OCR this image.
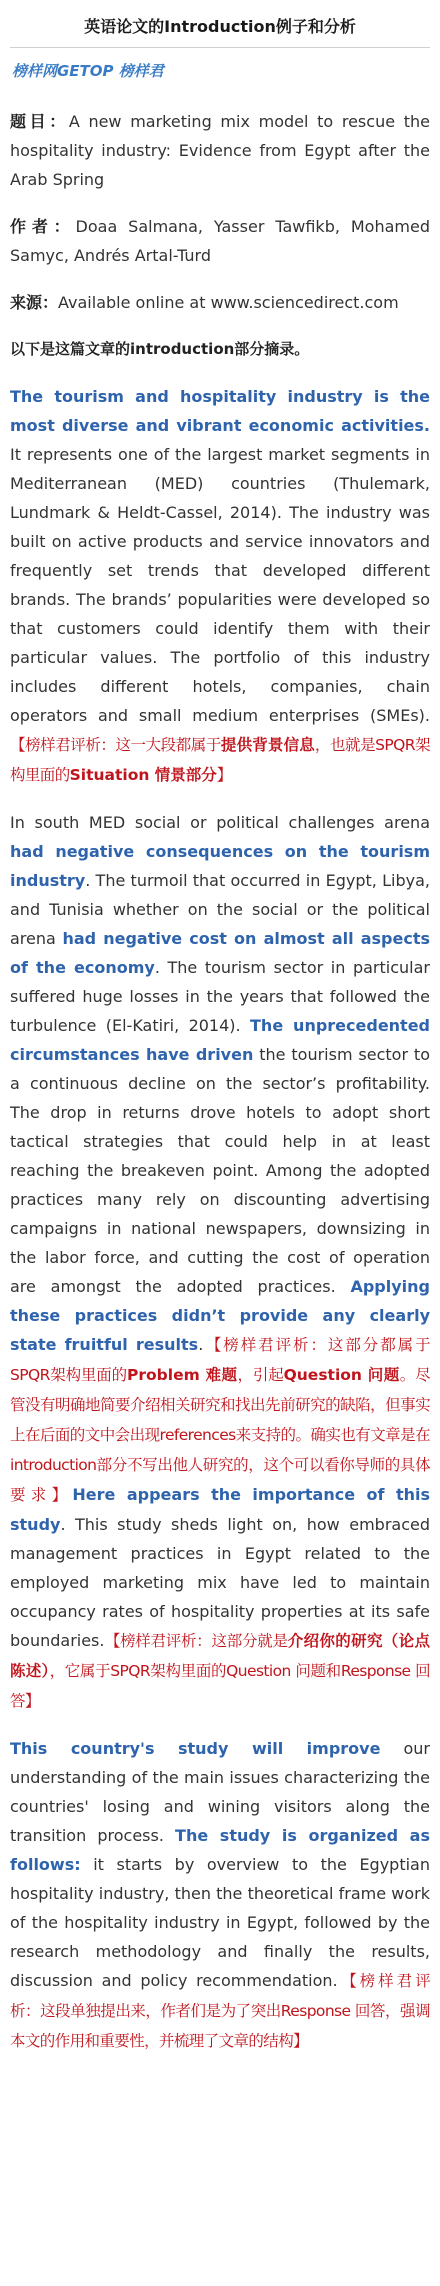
英语论文的Introduction例子和分析
榜样网GETOP 榜样君

题目：A new marketing mix model to rescue the hospitality industry: Evidence from Egypt after the Arab Spring

作者：Doaa Salmana, Yasser Tawfikb, Mohamed Samyc, Andrés Artal-Turd

来源：Available online at www.sciencedirect.com

以下是这篇文章的introduction部分摘录。

The tourism and hospitality industry is the most diverse and vibrant economic activities. It represents one of the largest market segments in Mediterranean (MED) countries (Thulemark, Lundmark & Heldt-Cassel, 2014). The industry was built on active products and service innovators and frequently set trends that developed different brands. The brands’ popularities were developed so that customers could identify them with their particular values. The portfolio of this industry includes different hotels, companies, chain operators and small medium enterprises (SMEs).【榜样君评析：这一大段都属于提供背景信息，也就是SPQR架构里面的Situation 情景部分】

In south MED social or political challenges arena had negative consequences on the tourism industry. The turmoil that occurred in Egypt, Libya, and Tunisia whether on the social or the political arena had negative cost on almost all aspects of the economy. The tourism sector in particular suffered huge losses in the years that followed the turbulence (El-Katiri, 2014). The unprecedented circumstances have driven the tourism sector to a continuous decline on the sector’s profitability. The drop in returns drove hotels to adopt short tactical strategies that could help in at least reaching the breakeven point. Among the adopted practices many rely on discounting advertising campaigns in national newspapers, downsizing in the labor force, and cutting the cost of operation are amongst the adopted practices. Applying these practices didn’t provide any clearly state fruitful results.【榜样君评析：这部分都属于SPQR架构里面的Problem 难题，引起Question 问题。尽管没有明确地简要介绍相关研究和找出先前研究的缺陷，但事实上在后面的文中会出现references来支持的。确实也有文章是在introduction部分不写出他人研究的，这个可以看你导师的具体要求】Here appears the importance of this study. This study sheds light on, how embraced management practices in Egypt related to the employed marketing mix have led to maintain occupancy rates of hospitality properties at its safe boundaries.【榜样君评析：这部分就是介绍你的研究（论点陈述），它属于SPQR架构里面的Question 问题和Response 回答】

This country's study will improve our understanding of the main issues characterizing the countries' losing and wining visitors along the transition process. The study is organized as follows: it starts by overview to the Egyptian hospitality industry, then the theoretical frame work of the hospitality industry in Egypt, followed by the research methodology and finally the results, discussion and policy recommendation.【榜样君评析：这段单独提出来，作者们是为了突出Response 回答，强调本文的作用和重要性，并梳理了文章的结构】
